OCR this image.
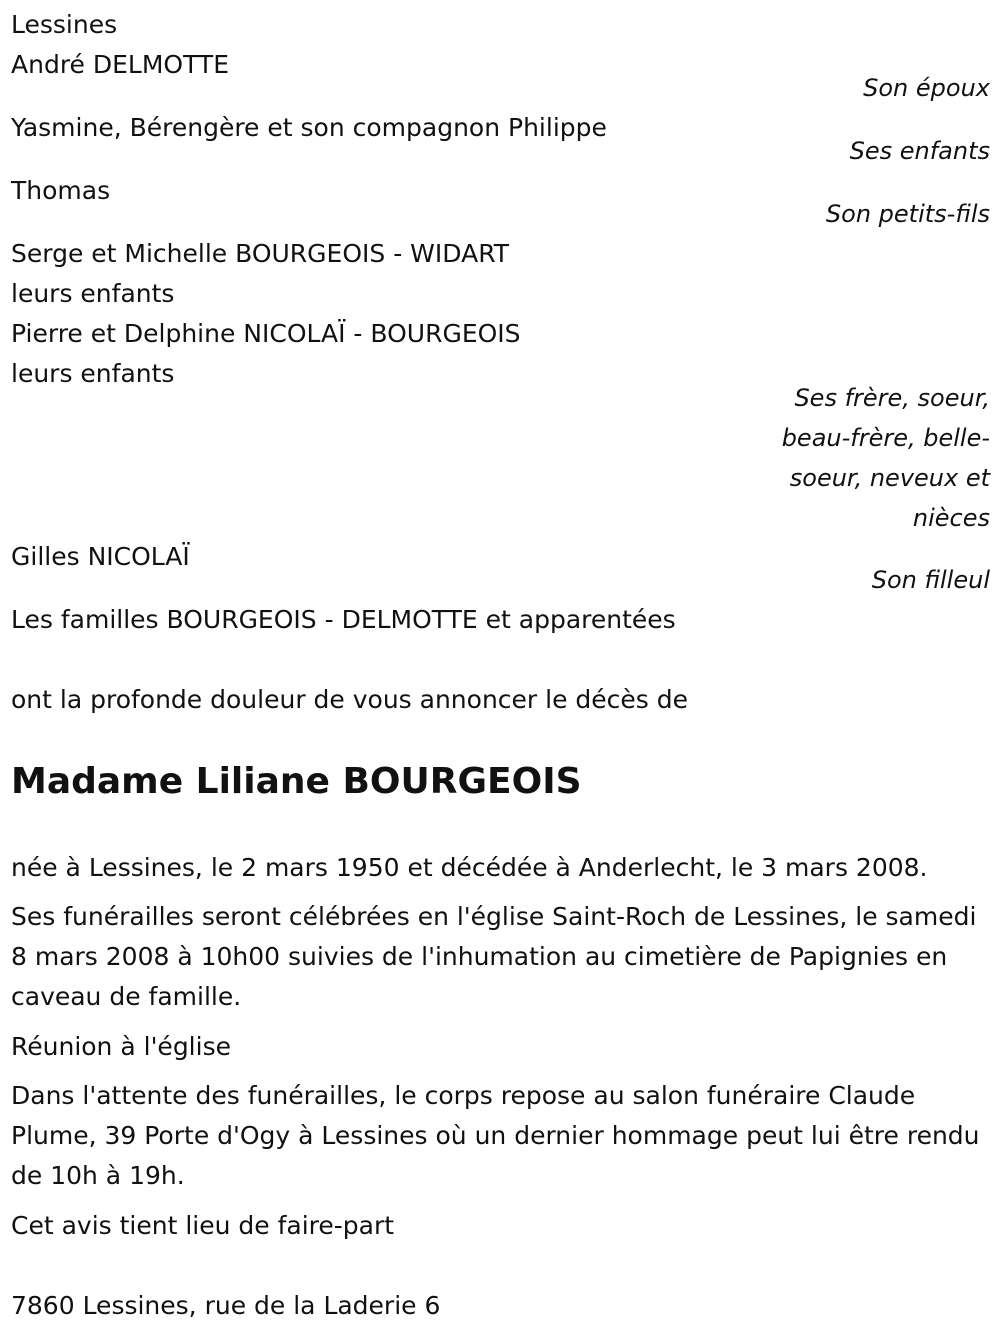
Lessines

André DELMOTTE

Son époux

Yasmine, Bérengère et son compagnon Philippe

Ses enfants

Thomas

Son petits-fils

Serge et Michelle BOURGEOIS - WIDART

leurs enfants

Pierre et Delphine NICOLAÏ - BOURGEOIS

leurs enfants

Ses frère, soeur, beau-frère, belle-soeur, neveux et nièces

Gilles NICOLAÏ

Son filleul

Les familles BOURGEOIS - DELMOTTE et apparentées

ont la profonde douleur de vous annoncer le décès de

Madame Liliane BOURGEOIS

née à Lessines, le 2 mars 1950 et décédée à Anderlecht, le 3 mars 2008.

Ses funérailles seront célébrées en l'église Saint-Roch de Lessines, le samedi 8 mars 2008 à 10h00 suivies de l'inhumation au cimetière de Papignies en caveau de famille.

Réunion à l'église

Dans l'attente des funérailles, le corps repose au salon funéraire Claude Plume, 39 Porte d'Ogy à Lessines où un dernier hommage peut lui être rendu de 10h à 19h.

Cet avis tient lieu de faire-part

7860 Lessines, rue de la Laderie 6
